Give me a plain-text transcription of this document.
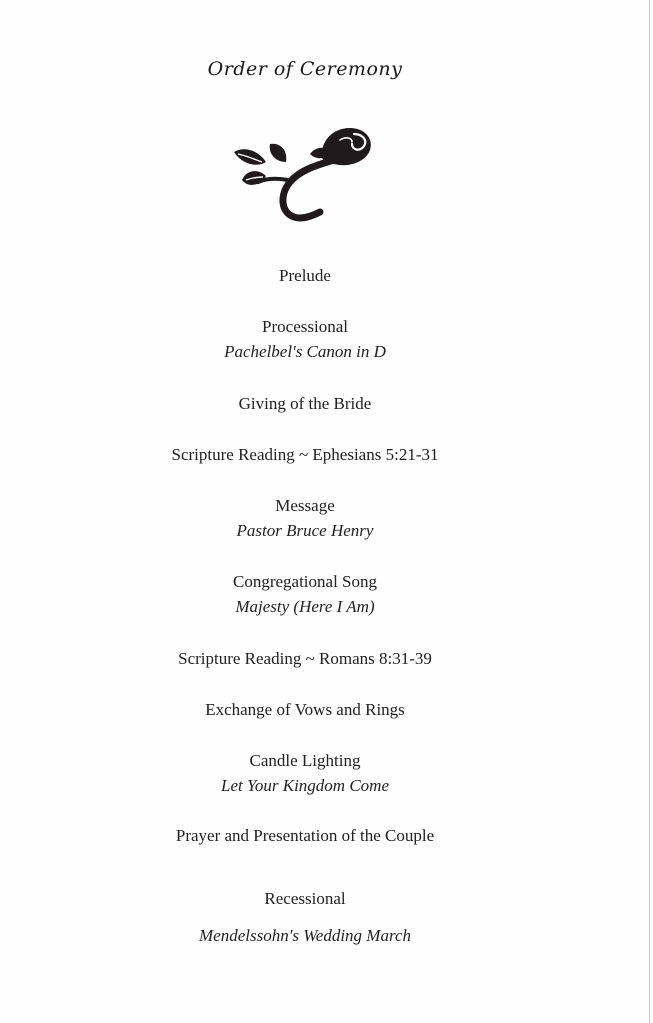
Order of Ceremony
Prelude
Processional
Pachelbel's Canon in D
Giving of the Bride
Scripture Reading ~ Ephesians 5:21-31
Message
Pastor Bruce Henry
Congregational Song
Majesty (Here I Am)
Scripture Reading ~ Romans 8:31-39
Exchange of Vows and Rings
Candle Lighting
Let Your Kingdom Come
Prayer and Presentation of the Couple
Recessional
Mendelssohn's Wedding March
